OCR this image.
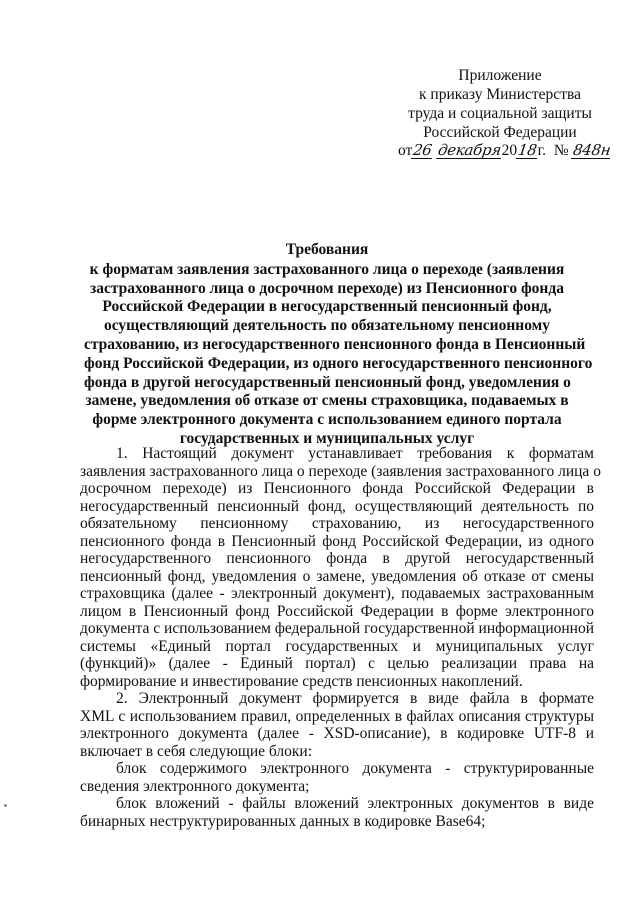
Приложение
к приказу Министерства
труда и социальной защиты
Российской Федерации
от26 декабря2018г. № 848н
Требования
к форматам заявления застрахованного лица о переходе (заявления
застрахованного лица о досрочном переходе) из Пенсионного фонда
Российской Федерации в негосударственный пенсионный фонд,
осуществляющий деятельность по обязательному пенсионному
страхованию, из негосударственного пенсионного фонда в Пенсионный
фонд Российской Федерации, из одного негосударственного пенсионного
фонда в другой негосударственный пенсионный фонд, уведомления о
замене, уведомления об отказе от смены страховщика, подаваемых в
форме электронного документа с использованием единого портала
государственных и муниципальных услуг
1. Настоящий документ устанавливает требования к форматам
заявления застрахованного лица о переходе (заявления застрахованного лица о
досрочном переходе) из Пенсионного фонда Российской Федерации в
негосударственный пенсионный фонд, осуществляющий деятельность по
обязательному пенсионному страхованию, из негосударственного
пенсионного фонда в Пенсионный фонд Российской Федерации, из одного
негосударственного пенсионного фонда в другой негосударственный
пенсионный фонд, уведомления о замене, уведомления об отказе от смены
страховщика (далее - электронный документ), подаваемых застрахованным
лицом в Пенсионный фонд Российской Федерации в форме электронного
документа с использованием федеральной государственной информационной
системы «Единый портал государственных и муниципальных услуг
(функций)» (далее - Единый портал) с целью реализации права на
формирование и инвестирование средств пенсионных накоплений.
2. Электронный документ формируется в виде файла в формате
XML с использованием правил, определенных в файлах описания структуры
электронного документа (далее - XSD-описание), в кодировке UTF-8 и
включает в себя следующие блоки:
блок содержимого электронного документа - структурированные
сведения электронного документа;
блок вложений - файлы вложений электронных документов в виде
бинарных неструктурированных данных в кодировке Base64;
